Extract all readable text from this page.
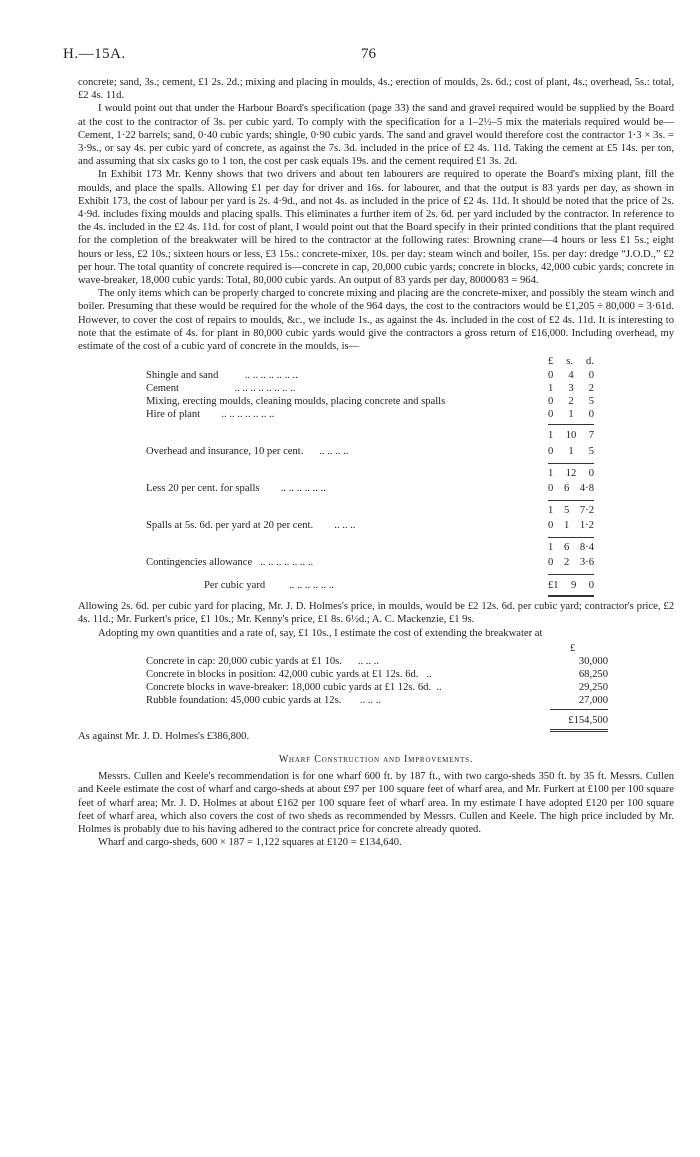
H.—15A.	76

concrete; sand, 3s.; cement, £1 2s. 2d.; mixing and placing in moulds, 4s.; erection of moulds, 2s. 6d.; cost of plant, 4s.; overhead, 5s.: total, £2 4s. 11d.

I would point out that under the Harbour Board's specification (page 33) the sand and gravel required would be supplied by the Board at the cost to the contractor of 3s. per cubic yard. To comply with the specification for a 1–2½–5 mix the materials required would be—Cement, 1·22 barrels; sand, 0·40 cubic yards; shingle, 0·90 cubic yards. The sand and gravel would therefore cost the contractor 1·3 × 3s. = 3·9s., or say 4s. per cubic yard of concrete, as against the 7s. 3d. included in the price of £2 4s. 11d. Taking the cement at £5 14s. per ton, and assuming that six casks go to 1 ton, the cost per cask equals 19s. and the cement required £1 3s. 2d.

In Exhibit 173 Mr. Kenny shows that two drivers and about ten labourers are required to operate the Board's mixing plant, fill the moulds, and place the spalls. Allowing £1 per day for driver and 16s. for labourer, and that the output is 83 yards per day, as shown in Exhibit 173, the cost of labour per yard is 2s. 4·9d., and not 4s. as included in the price of £2 4s. 11d. It should be noted that the price of 2s. 4·9d. includes fixing moulds and placing spalls. This eliminates a further item of 2s. 6d. per yard included by the contractor. In reference to the 4s. included in the £2 4s. 11d. for cost of plant, I would point out that the Board specify in their printed conditions that the plant required for the completion of the breakwater will be hired to the contractor at the following rates: Browning crane—4 hours or less £1 5s.; eight hours or less, £2 10s.; sixteen hours or less, £3 15s.: concrete-mixer, 10s. per day: steam winch and boiler, 15s. per day: dredge “J.O.D.,” £2 per hour. The total quantity of concrete required is—concrete in cap, 20,000 cubic yards; concrete in blocks, 42,000 cubic yards; concrete in wave-breaker, 18,000 cubic yards: Total, 80,000 cubic yards. An output of 83 yards per day, 80000⁄83 = 964.

The only items which can be properly charged to concrete mixing and placing are the concrete-mixer, and possibly the steam winch and boiler. Presuming that these would be required for the whole of the 964 days, the cost to the contractors would be £1,205 ÷ 80,000 = 3·61d. However, to cover the cost of repairs to moulds, &c., we include 1s., as against the 4s. included in the cost of £2 4s. 11d. It is interesting to note that the estimate of 4s. for plant in 80,000 cubic yards would give the contractors a gross return of £16,000. Including overhead, my estimate of the cost of a cubic yard of concrete in the moulds, is—

£ s. d.
Shingle and sand .. .. .. .. .. .. ..	0 4 0
Cement	.. .. .. .. .. .. .. ..	1 3 2
Mixing, erecting moulds, cleaning moulds, placing concrete and spalls	0 2 5
Hire of plant .. .. .. .. .. .. ..	0 1 0
1 10 7
Overhead and insurance, 10 per cent. .. .. .. ..	0 1 5
1 12 0
Less 20 per cent. for spalls .. .. .. .. .. ..	0 6 4·8
1 5 7·2
Spalls at 5s. 6d. per yard at 20 per cent. .. .. ..	0 1 1·2
1 6 8·4
Contingencies allowance .. .. .. .. .. .. ..	0 2 3·6
Per cubic yard .. .. .. .. .. ..	£1 9 0

Allowing 2s. 6d. per cubic yard for placing, Mr. J. D. Holmes's price, in moulds, would be £2 12s. 6d. per cubic yard; contractor's price, £2 4s. 11d.; Mr. Furkert's price, £1 10s.; Mr. Kenny's price, £1 8s. 6½d.; A. C. Mackenzie, £1 9s.

Adopting my own quantities and a rate of, say, £1 10s., I estimate the cost of extending the breakwater at

£
Concrete in cap: 20,000 cubic yards at £1 10s. .. .. ..	30,000
Concrete in blocks in position: 42,000 cubic yards at £1 12s. 6d. ..	68,250
Concrete blocks in wave-breaker: 18,000 cubic yards at £1 12s. 6d. ..	29,250
Rubble foundation: 45,000 cubic yards at 12s. .. .. ..	27,000
£154,500

As against Mr. J. D. Holmes's £386,800.

Wharf Construction and Improvements.

Messrs. Cullen and Keele's recommendation is for one wharf 600 ft. by 187 ft., with two cargo-sheds 350 ft. by 35 ft. Messrs. Cullen and Keele estimate the cost of wharf and cargo-sheds at about £97 per 100 square feet of wharf area, and Mr. Furkert at £100 per 100 square feet of wharf area; Mr. J. D. Holmes at about £162 per 100 square feet of wharf area. In my estimate I have adopted £120 per 100 square feet of wharf area, which also covers the cost of two sheds as recommended by Messrs. Cullen and Keele. The high price included by Mr. Holmes is probably due to his having adhered to the contract price for concrete already quoted.

Wharf and cargo-sheds, 600 × 187 = 1,122 squares at £120 = £134,640.
